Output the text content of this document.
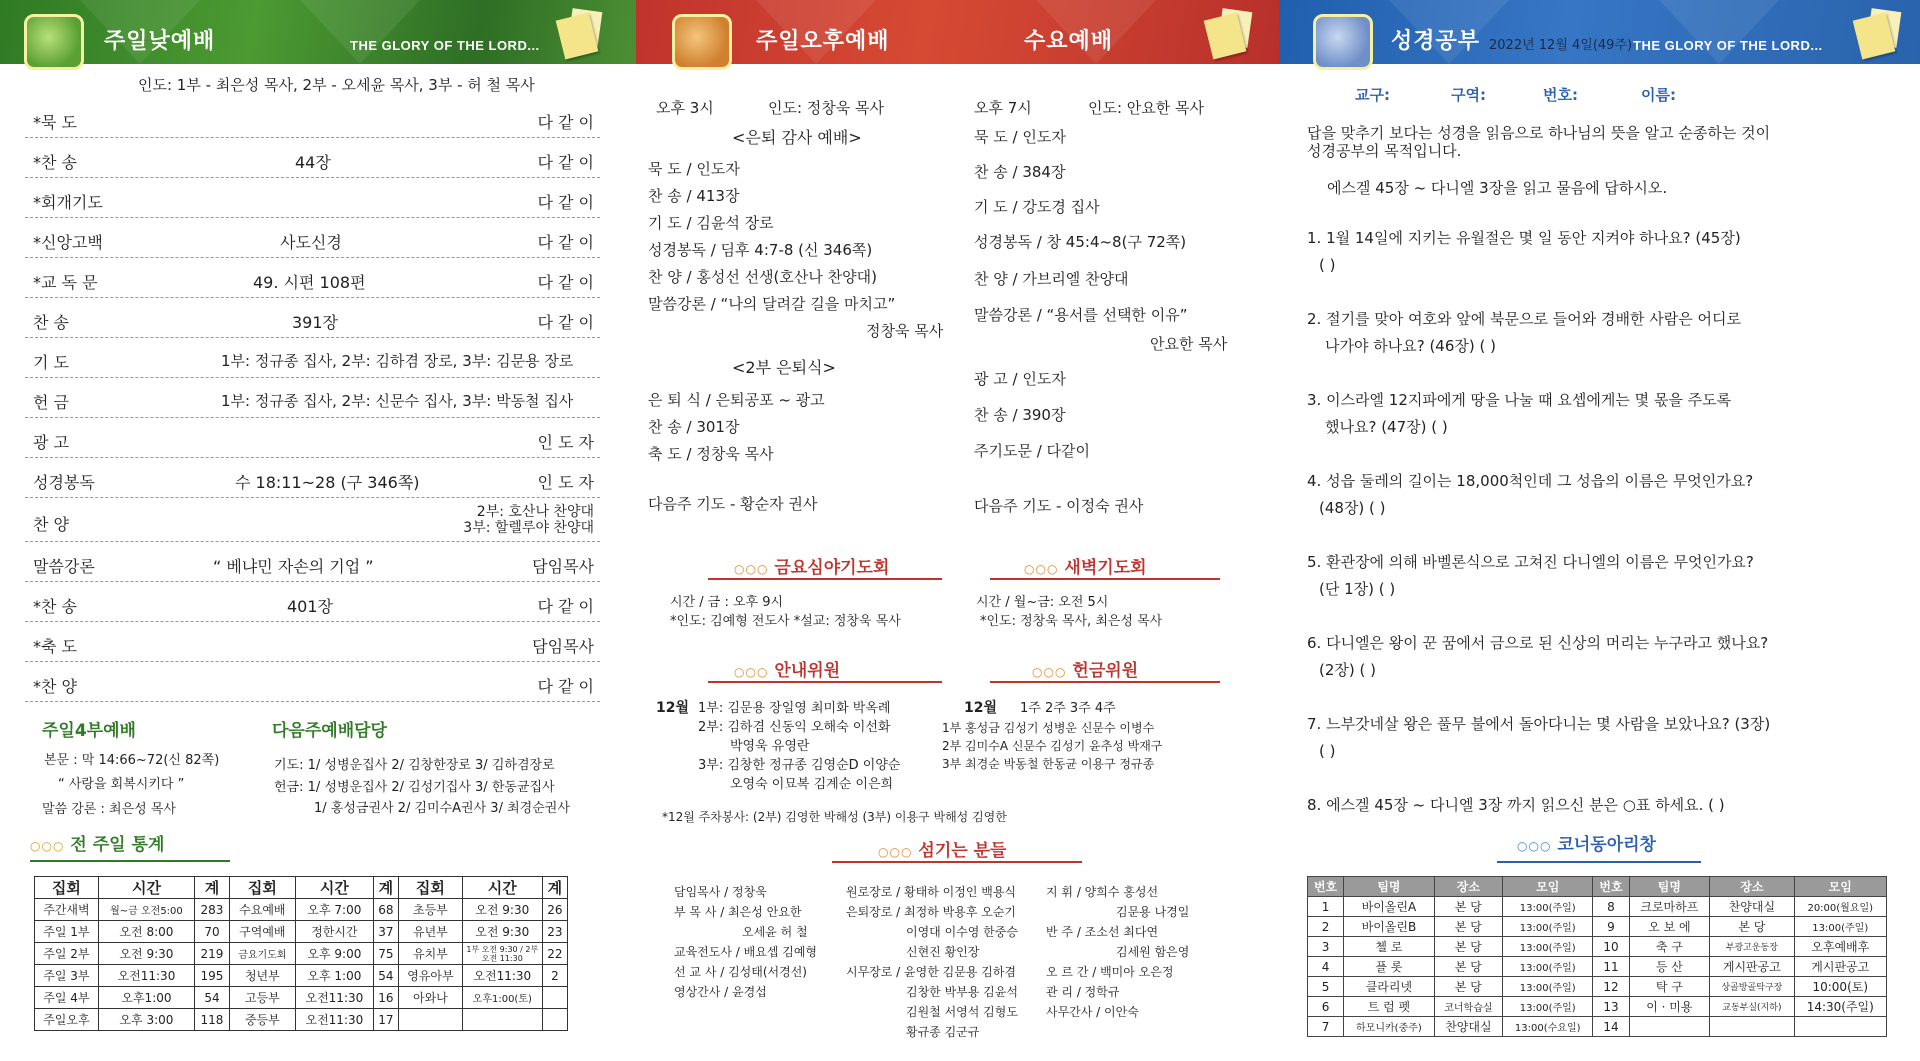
주일낮예배	THE GLORY OF THE LORD...
인도: 1부 - 최은성 목사, 2부 - 오세윤 목사, 3부 - 허 철 목사
*묵 도	다 같 이
*찬 송	44장	다 같 이
*회개기도	다 같 이
*신앙고백	사도신경	다 같 이
*교 독 문	49. 시편 108편	다 같 이
찬 송	391장	다 같 이
기 도	1부: 정규종 집사, 2부: 김하겸 장로, 3부: 김문용 장로
헌 금	1부: 정규종 집사, 2부: 신문수 집사, 3부: 박동철 집사
광 고	인 도 자
성경봉독	수 18:11~28 (구 346쪽)	인 도 자
찬 양
2부: 호산나 찬양대
3부: 할렐루야 찬양대
말씀강론	“ 베냐민 자손의 기업 ”	담임목사
*찬 송	401장	다 같 이
*축 도	담임목사
*찬 양	다 같 이
주일4부예배
본문 : 막 14:66~72(신 82쪽)
“ 사랑을 회복시키다 ”
말씀 강론 : 최은성 목사
다음주예배담당
기도: 1/ 성병운집사 2/ 김창한장로 3/ 김하겸장로
헌금: 1/ 성병운집사 2/ 김성기집사 3/ 한동균집사
1/ 홍성금권사 2/ 김미수A권사 3/ 최경순권사
○○○ 전 주일 통계
집회	시간	계	집회	시간	계	집회	시간	계
주간새벽	월~금 오전5:00	283	수요예배	오후 7:00	68	초등부	오전 9:30	26
주일 1부	오전 8:00	70	구역예배	정한시간	37	유년부	오전 9:30	23
주일 2부	오전 9:30	219	금요기도회	오후 9:00	75	유치부	1부 오전 9:30 / 2부 오전 11:30	22
주일 3부	오전11:30	195	청년부	오후 1:00	54	영유아부	오전11:30	2
주일 4부	오후1:00	54	고등부	오전11:30	16	아와나	오후1:00(토)	
주일오후	오후 3:00	118	중등부	오전11:30	17			
주일오후예배	수요예배
오후 3시	인도: 정창욱 목사
<은퇴 감사 예배>
묵 도 / 인도자
찬 송 / 413장
기 도 / 김윤석 장로
성경봉독 / 딤후 4:7-8 (신 346쪽)
찬 양 / 홍성선 선생(호산나 찬양대)
말씀강론 / “나의 달려갈 길을 마치고”
정창욱 목사
<2부 은퇴식>
은 퇴 식 / 은퇴공포 ~ 광고
찬 송 / 301장
축 도 / 정창욱 목사
다음주 기도 - 황순자 권사
오후 7시	인도: 안요한 목사
묵 도 / 인도자
찬 송 / 384장
기 도 / 강도경 집사
성경봉독 / 창 45:4~8(구 72쪽)
찬 양 / 가브리엘 찬양대
말씀강론 / “용서를 선택한 이유”
안요한 목사
광 고 / 인도자
찬 송 / 390장
주기도문 / 다같이
다음주 기도 - 이정숙 권사
○○○ 금요심야기도회
시간 / 금 : 오후 9시
*인도: 김예형 전도사 *설교: 정창욱 목사
○○○ 새벽기도회
시간 / 월~금: 오전 5시
*인도: 정창욱 목사, 최은성 목사
○○○ 안내위원
12월 1부: 김문용 장일영 최미화 박옥례
2부: 김하겸 신동익 오해숙 이선화
박영욱 유영란
3부: 김창한 정규종 김영순D 이양순
오영숙 이묘복 김계순 이은희
○○○ 헌금위원
12월 1주 2주 3주 4주
1부 홍성금 김성기 성병운 신문수 이병수
2부 김미수A 신문수 김성기 윤추성 박재구
3부 최경순 박동철 한동균 이용구 정규종
*12월 주차봉사: (2부) 김영한 박해성 (3부) 이용구 박해성 김영한
○○○ 섬기는 분들
담임목사 / 정창욱
부 목 사 / 최은성 안요한
오세윤 허 철
교육전도사 / 배요셉 김예형
선 교 사 / 김성태(서경선)
영상간사 / 윤경섭
원로장로 / 황태하 이정인 백용식
은퇴장로 / 최정하 박용후 오순기
이영대 이수영 한중승
신현진 황인장
시무장로 / 윤영한 김문용 김하겸
김창한 박부용 김윤석
김원철 서영석 김형도
황규종 김군규
지 휘 / 양희수 홍성선
김문용 나경일
반 주 / 조소선 최다연
김세원 함은영
오 르 간 / 백미아 오은정
관 리 / 정학규
사무간사 / 이안숙
성경공부 2022년 12월 4일(49주) THE GLORY OF THE LORD...
교구:	구역:	번호:	이름:
답을 맞추기 보다는 성경을 읽음으로 하나님의 뜻을 알고 순종하는 것이
성경공부의 목적입니다.
에스겔 45장 ~ 다니엘 3장을 읽고 물음에 답하시오.
1. 1월 14일에 지키는 유월절은 몇 일 동안 지켜야 하나요? (45장)
( )
2. 절기를 맞아 여호와 앞에 북문으로 들어와 경배한 사람은 어디로
나가야 하나요? (46장) ( )
3. 이스라엘 12지파에게 땅을 나눌 때 요셉에게는 몇 몫을 주도록
했나요? (47장) ( )
4. 성읍 둘레의 길이는 18,000척인데 그 성읍의 이름은 무엇인가요?
(48장) ( )
5. 환관장에 의해 바벨론식으로 고쳐진 다니엘의 이름은 무엇인가요?
(단 1장) ( )
6. 다니엘은 왕이 꾼 꿈에서 금으로 된 신상의 머리는 누구라고 했나요?
(2장) ( )
7. 느부갓네살 왕은 풀무 불에서 돌아다니는 몇 사람을 보았나요? (3장)
( )
8. 에스겔 45장 ~ 다니엘 3장 까지 읽으신 분은 ○표 하세요. ( )
○○○ 코너동아리창
번호	팀명	장소	모임	번호	팀명	장소	모임
1	바이올린A	본 당	13:00(주일)	8	크로마하프	찬양대실	20:00(월요일)
2	바이올린B	본 당	13:00(주일)	9	오 보 에	본 당	13:00(주일)
3	첼 로	본 당	13:00(주일)	10	축 구	부광고운동장	오후예배후
4	플 롯	본 당	13:00(주일)	11	등 산	게시판공고	게시판공고
5	클라리넷	본 당	13:00(주일)	12	탁 구	상골방골탁구장	10:00(토)
6	트 럼 펫	코너학습실	13:00(주일)	13	이 · 미용	교동부실(지하)	14:30(주일)
7	하모니카(중주)	찬양대실	13:00(수요일)	14			
